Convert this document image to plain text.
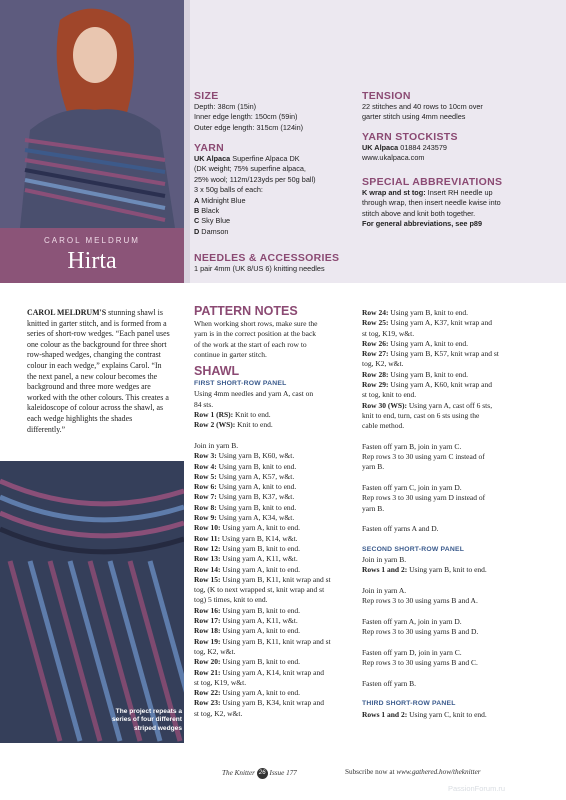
CAROL MELDRUM
Hirta
SIZE
Depth: 38cm (15in)
Inner edge length: 150cm (59in)
Outer edge length: 315cm (124in)
YARN
UK Alpaca Superfine Alpaca DK
(DK weight; 75% superfine alpaca,
25% wool; 112m/123yds per 50g ball)
3 x 50g balls of each:
A Midnight Blue
B Black
C Sky Blue
D Damson
NEEDLES & ACCESSORIES
1 pair 4mm (UK 8/US 6) knitting needles
TENSION
22 stitches and 40 rows to 10cm over
garter stitch using 4mm needles
YARN STOCKISTS
UK Alpaca 01884 243579
www.ukalpaca.com
SPECIAL ABBREVIATIONS
K wrap and st tog: Insert RH needle up
through wrap, then insert needle kwise into
stitch above and knit both together.
For general abbreviations, see p89
CAROL MELDRUM'S stunning shawl is knitted in garter stitch, and is formed from a series of short-row wedges. “Each panel uses one colour as the background for three short row-shaped wedges, changing the contrast colour in each wedge,” explains Carol. “In the next panel, a new colour becomes the background and three more wedges are worked with the other colours. This creates a kaleidoscope of colour across the shawl, as each wedge highlights the shades differently.”
The project repeats a series of four different striped wedges
PATTERN NOTES

When working short rows, make sure the

yarn is in the correct position at the back

of the work at the start of each row to

continue in garter stitch.

SHAWL
FIRST SHORT-ROW PANEL

Using 4mm needles and yarn A, cast on

84 sts.

Row 1 (RS): Knit to end.

Row 2 (WS): Knit to end.

Join in yarn B.

Row 3: Using yarn B, K60, w&t.

Row 4: Using yarn B, knit to end.

Row 5: Using yarn A, K57, w&t.

Row 6: Using yarn A, knit to end.

Row 7: Using yarn B, K37, w&t.

Row 8: Using yarn B, knit to end.

Row 9: Using yarn A, K34, w&t.

Row 10: Using yarn A, knit to end.

Row 11: Using yarn B, K14, w&t.

Row 12: Using yarn B, knit to end.

Row 13: Using yarn A, K11, w&t.

Row 14: Using yarn A, knit to end.

Row 15: Using yarn B, K11, knit wrap and st

tog, (K to next wrapped st, knit wrap and st

tog) 5 times, knit to end.

Row 16: Using yarn B, knit to end.

Row 17: Using yarn A, K11, w&t.

Row 18: Using yarn A, knit to end.

Row 19: Using yarn B, K11, knit wrap and st

tog, K2, w&t.

Row 20: Using yarn B, knit to end.

Row 21: Using yarn A, K14, knit wrap and

st tog, K19, w&t.

Row 22: Using yarn A, knit to end.

Row 23: Using yarn B, K34, knit wrap and

st tog, K2, w&t.

Row 24: Using yarn B, knit to end.

Row 25: Using yarn A, K37, knit wrap and

st tog, K19, w&t.

Row 26: Using yarn A, knit to end.

Row 27: Using yarn B, K57, knit wrap and st

tog, K2, w&t.

Row 28: Using yarn B, knit to end.

Row 29: Using yarn A, K60, knit wrap and

st tog, knit to end.

Row 30 (WS): Using yarn A, cast off 6 sts,

knit to end, turn, cast on 6 sts using the

cable method.

Fasten off yarn B, join in yarn C.

Rep rows 3 to 30 using yarn C instead of

yarn B.

Fasten off yarn C, join in yarn D.

Rep rows 3 to 30 using yarn D instead of

yarn B.

Fasten off yarns A and D.

SECOND SHORT-ROW PANEL

Join in yarn B.

Rows 1 and 2: Using yarn B, knit to end.

Join in yarn A.

Rep rows 3 to 30 using yarns B and A.

Fasten off yarn A, join in yarn D.

Rep rows 3 to 30 using yarns B and D.

Fasten off yarn D, join in yarn C.

Rep rows 3 to 30 using yarns B and C.

Fasten off yarn B.

THIRD SHORT-ROW PANEL

Rows 1 and 2: Using yarn C, knit to end.

The Knitter 26 Issue 177	Subscribe now at www.gathered.how/theknitter
PassionForum.ru
